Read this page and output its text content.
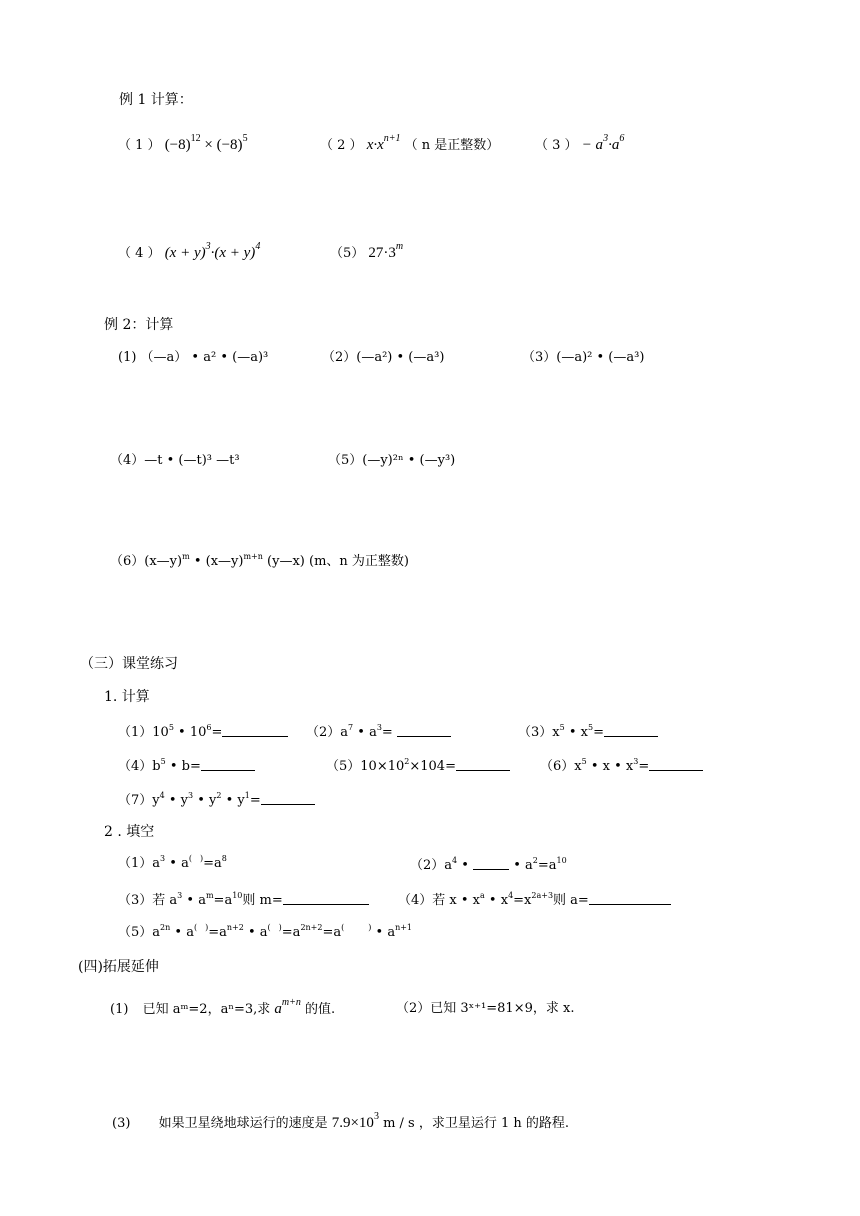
例 1 计算：
（ 1 ） $(-8)^{12} \times (-8)^5$	（ 2 ） $x\cdot x^{n+1}$ （ n 是正整数）	（ 3 ） − $a^3\cdot a^6$
（ 4 ） $(x + y)^3\cdot(x + y)^4$	（5） $27\cdot 3^m$
例 2：计算
(1) （—a） • a² • (—a)³	（2）(—a²) • (—a³)	（3）(—a)² • (—a³)
（4）—t • (—t)³ —t³	（5）(—y)²ⁿ • (—y³)
（6）(x—y)$^m$ • (x—y)$^{m+n}$ (y—x) (m、n 为正整数)
（三）课堂练习
1. 计算
$(1)10^5$ • $10^6=$	$(2)a^7$ • $a^3=$	$(3)x^5$ • $x^5=$
$(4)b^5$ • b=	$(5)10\times 10^2\times 104=$	$(6)x^5$ • x • $x^3=$
$(7)y^4$ • $y^3$ • $y^2$ • $y^1=$
2 . 填空
$(1)a^3$ • $a^{( )}=a^8$	$(2)a^4$ •	• $a^2=a^{10}$
（3）若 $a^3$ • $a^m=a^{10}$则 m=	（4）若 x • $x^a$ • $x^4=x^{2a+3}$则 a=
$(5)a^{2n}$ • $a^{( )}=a^{n+2}$ • $a^{( )}=a^{2n+2}=a^{( )}$ • $a^{n+1}$
(四)拓展延伸
(1) 已知 aᵐ=2，aⁿ=3,求 $a^{m+n}$ 的值.	（2）已知 3ˣ⁺¹=81×9，求 x.
(3) 如果卫星绕地球运行的速度是 $7.9\times 10^3$ m / s ，求卫星运行 1 h 的路程.
